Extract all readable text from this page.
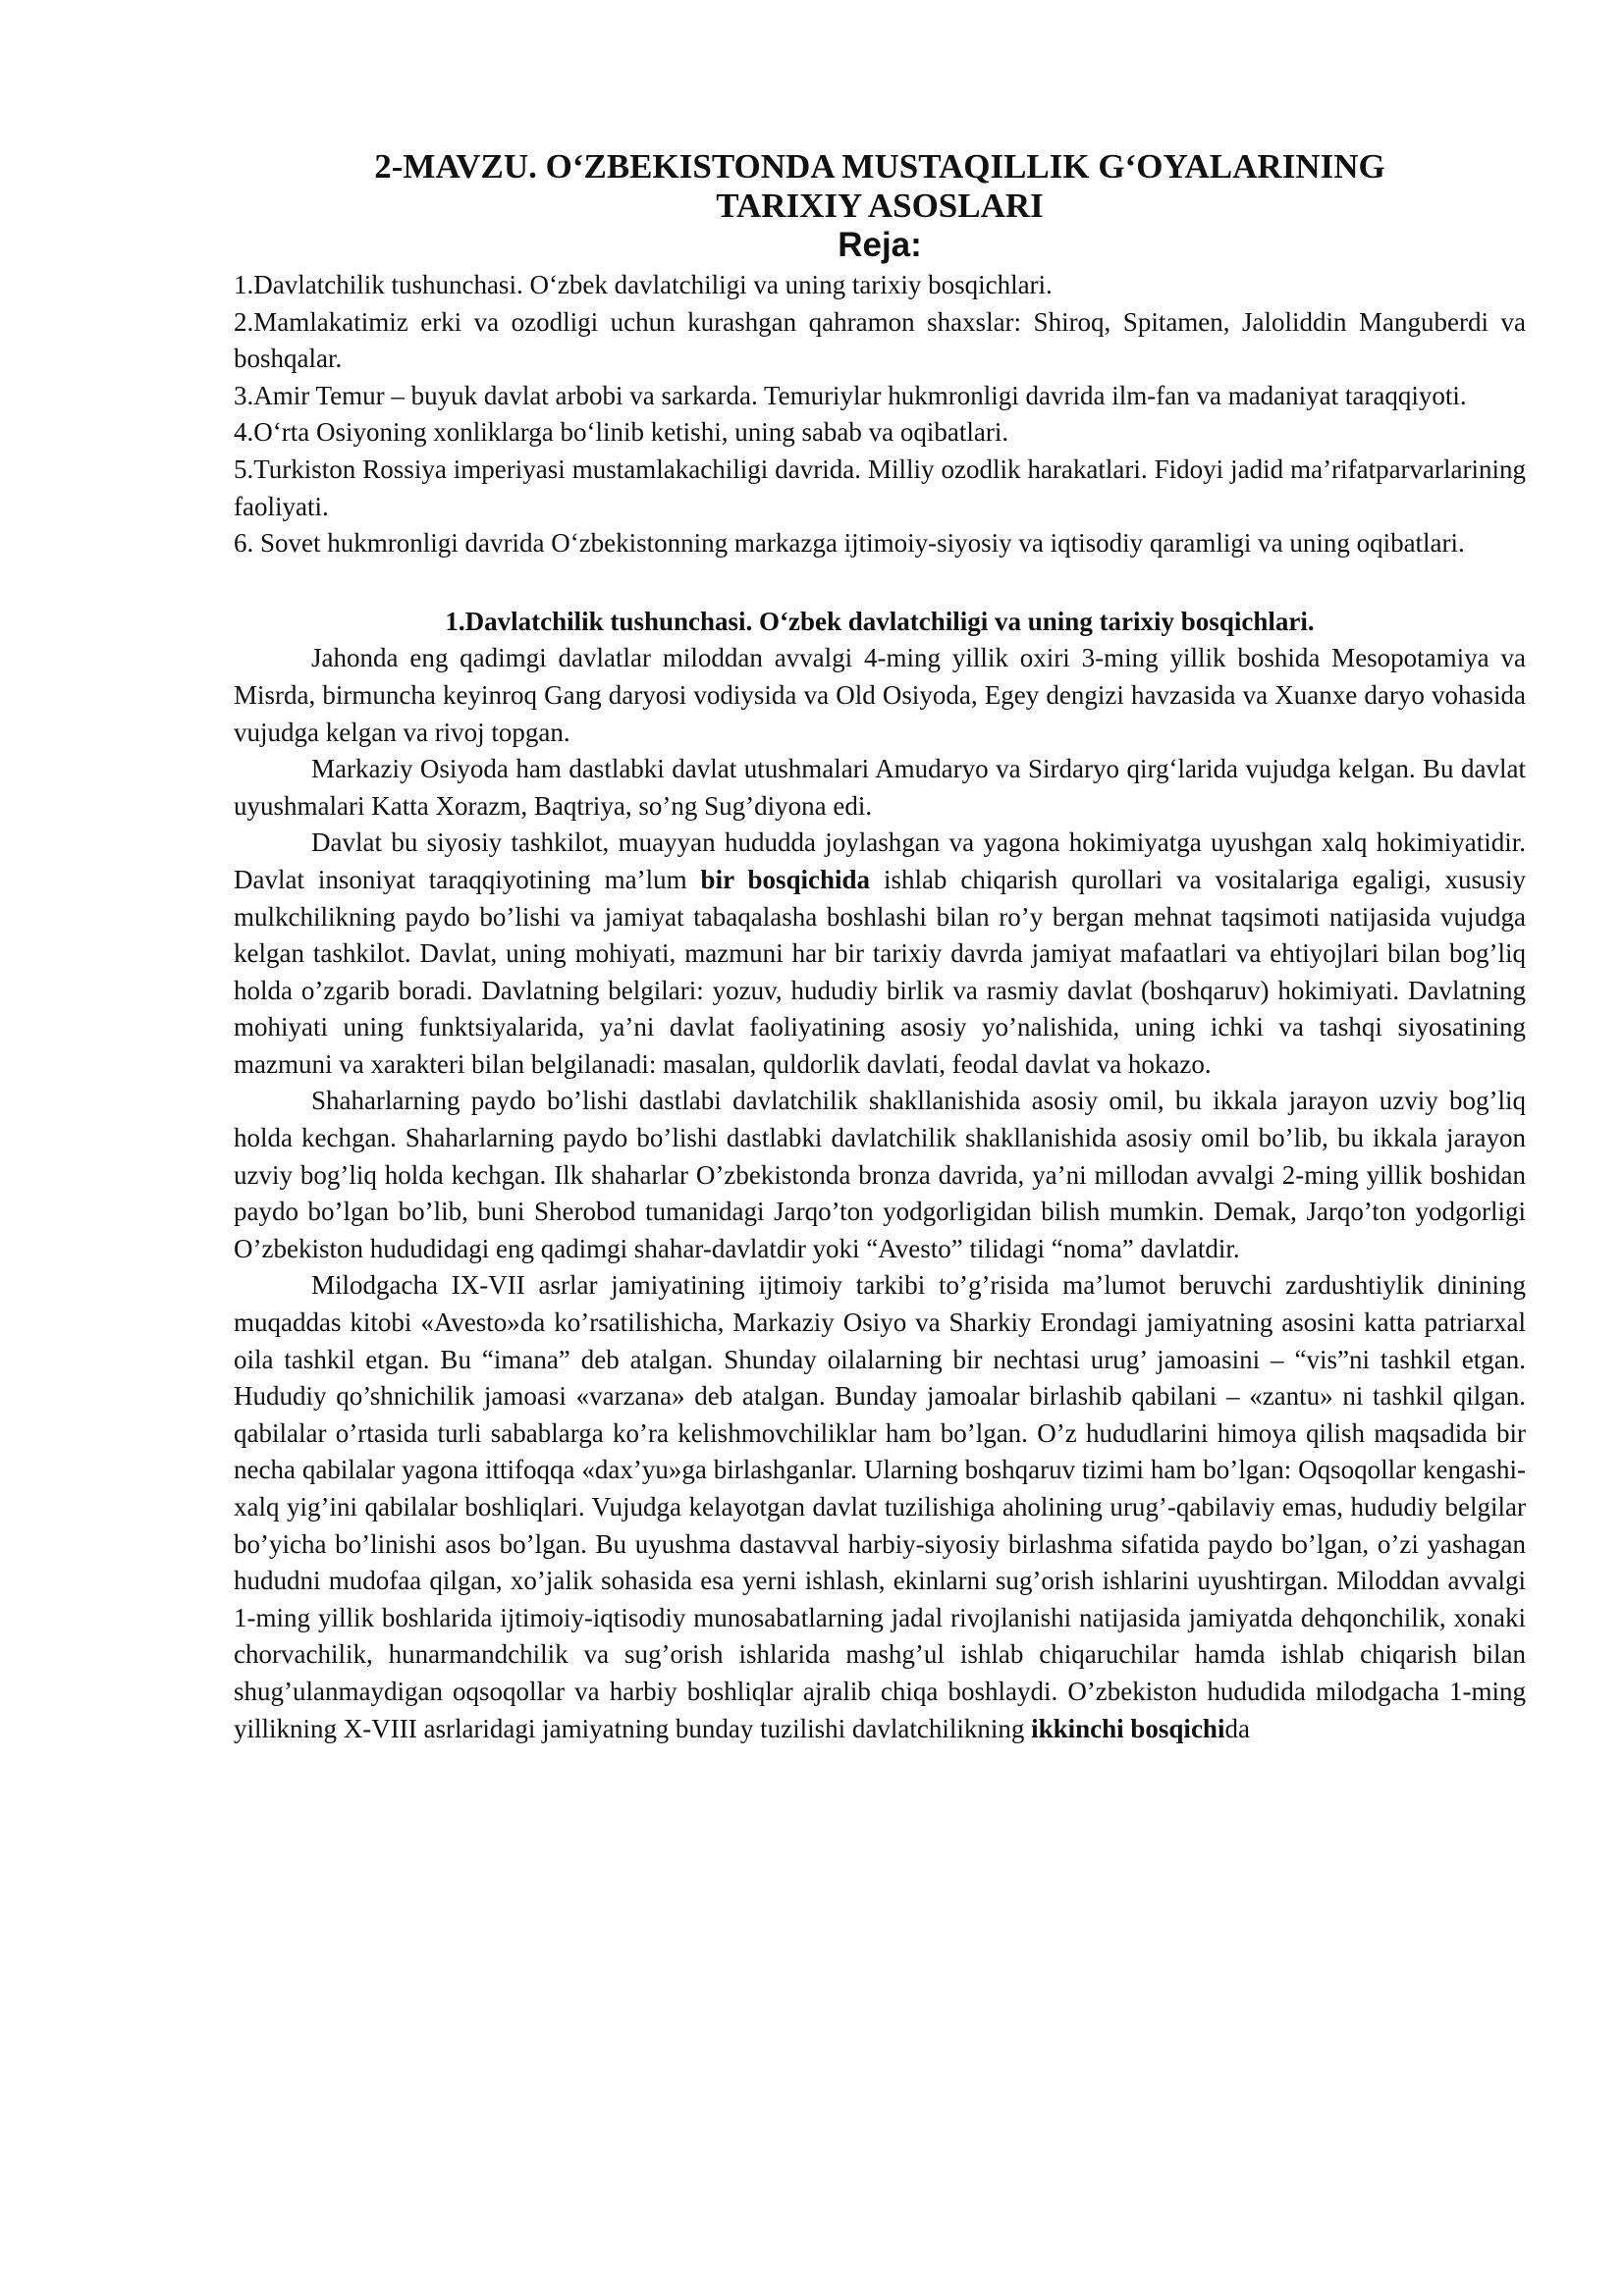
2-MAVZU. O‘ZBEKISTONDA MUSTAQILLIK G‘OYALARINING
TARIXIY ASOSLARI
Reja:

1.Davlatchilik tushunchasi. O‘zbek davlatchiligi va uning tarixiy bosqichlari.

2.Mamlakatimiz erki va ozodligi uchun kurashgan qahramon shaxslar: Shiroq, Spitamen, Jaloliddin Manguberdi va boshqalar.

3.Amir Temur – buyuk davlat arbobi va sarkarda. Temuriylar hukmronligi davrida ilm-fan va madaniyat taraqqiyoti.

4.O‘rta Osiyoning xonliklarga bo‘linib ketishi, uning sabab va oqibatlari.

5.Turkiston Rossiya imperiyasi mustamlakachiligi davrida. Milliy ozodlik harakatlari. Fidoyi jadid ma’rifatparvarlarining faoliyati.

6. Sovet hukmronligi davrida O‘zbekistonning markazga ijtimoiy-siyosiy va iqtisodiy qaramligi va uning oqibatlari.

1.Davlatchilik tushunchasi. O‘zbek davlatchiligi va uning tarixiy bosqichlari.

Jahonda eng qadimgi davlatlar miloddan avvalgi 4-ming yillik oxiri 3-ming yillik boshida Mesopotamiya va Misrda, birmuncha keyinroq Gang daryosi vodiysida va Old Osiyoda, Egey dengizi havzasida va Xuanxe daryo vohasida vujudga kelgan va rivoj topgan.

Markaziy Osiyoda ham dastlabki davlat utushmalari Amudaryo va Sirdaryo qirg‘larida vujudga kelgan. Bu davlat uyushmalari Katta Xorazm, Baqtriya, so’ng Sug’diyona edi.

Davlat bu siyosiy tashkilot, muayyan hududda joylashgan va yagona hokimiyatga uyushgan xalq hokimiyatidir. Davlat insoniyat taraqqiyotining ma’lum bir bosqichida ishlab chiqarish qurollari va vositalariga egaligi, xususiy mulkchilikning paydo bo’lishi va jamiyat tabaqalasha boshlashi bilan ro’y bergan mehnat taqsimoti natijasida vujudga kelgan tashkilot. Davlat, uning mohiyati, mazmuni har bir tarixiy davrda jamiyat mafaatlari va ehtiyojlari bilan bog’liq holda o’zgarib boradi. Davlatning belgilari: yozuv, hududiy birlik va rasmiy davlat (boshqaruv) hokimiyati. Davlatning mohiyati uning funktsiyalarida, ya’ni davlat faoliyatining asosiy yo’nalishida, uning ichki va tashqi siyosatining mazmuni va xarakteri bilan belgilanadi: masalan, quldorlik davlati, feodal davlat va hokazo.

Shaharlarning paydo bo’lishi dastlabi davlatchilik shakllanishida asosiy omil, bu ikkala jarayon uzviy bog’liq holda kechgan. Shaharlarning paydo bo’lishi dastlabki davlatchilik shakllanishida asosiy omil bo’lib, bu ikkala jarayon uzviy bog’liq holda kechgan. Ilk shaharlar O’zbekistonda bronza davrida, ya’ni millodan avvalgi 2-ming yillik boshidan paydo bo’lgan bo’lib, buni Sherobod tumanidagi Jarqo’ton yodgorligidan bilish mumkin. Demak, Jarqo’ton yodgorligi O’zbekiston hududidagi eng qadimgi shahar-davlatdir yoki “Avesto” tilidagi “noma” davlatdir.

Milodgacha IX-VII asrlar jamiyatining ijtimoiy tarkibi to’g’risida ma’lumot beruvchi zardushtiylik dinining muqaddas kitobi «Avesto»da ko’rsatilishicha, Markaziy Osiyo va Sharkiy Erondagi jamiyatning asosini katta patriarxal oila tashkil etgan. Bu “imana” deb atalgan. Shunday oilalarning bir nechtasi urug’ jamoasini – “vis”ni tashkil etgan. Hududiy qo’shnichilik jamoasi «varzana» deb atalgan. Bunday jamoalar birlashib qabilani – «zantu» ni tashkil qilgan. qabilalar o’rtasida turli sabablarga ko’ra kelishmovchiliklar ham bo’lgan. O’z hududlarini himoya qilish maqsadida bir necha qabilalar yagona ittifoqqa «dax’yu»ga birlashganlar. Ularning boshqaruv tizimi ham bo’lgan: Oqsoqollar kengashi-xalq yig’ini qabilalar boshliqlari. Vujudga kelayotgan davlat tuzilishiga aholining urug’-qabilaviy emas, hududiy belgilar bo’yicha bo’linishi asos bo’lgan. Bu uyushma dastavval harbiy-siyosiy birlashma sifatida paydo bo’lgan, o’zi yashagan hududni mudofaa qilgan, xo’jalik sohasida esa yerni ishlash, ekinlarni sug’orish ishlarini uyushtirgan. Miloddan avvalgi 1-ming yillik boshlarida ijtimoiy-iqtisodiy munosabatlarning jadal rivojlanishi natijasida jamiyatda dehqonchilik, xonaki chorvachilik, hunarmandchilik va sug’orish ishlarida mashg’ul ishlab chiqaruchilar hamda ishlab chiqarish bilan shug’ulanmaydigan oqsoqollar va harbiy boshliqlar ajralib chiqa boshlaydi. O’zbekiston hududida milodgacha 1-ming yillikning X-VIII asrlaridagi jamiyatning bunday tuzilishi davlatchilikning ikkinchi bosqichida
